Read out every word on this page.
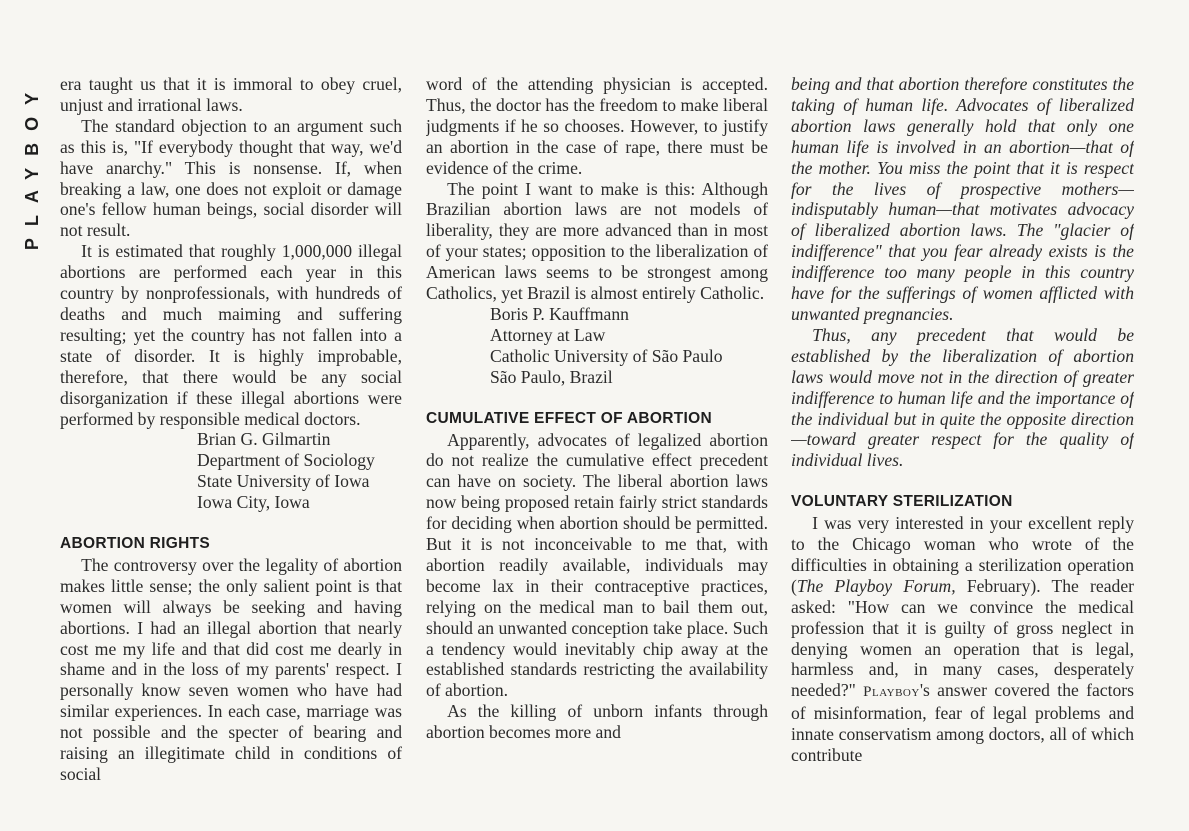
PLAYBOY era taught us that it is immoral to obey cruel, unjust and irrational laws.

The standard objection to an argument such as this is, "If everybody thought that way, we'd have anarchy." This is nonsense. If, when breaking a law, one does not exploit or damage one's fellow human beings, social disorder will not result.

It is estimated that roughly 1,000,000 illegal abortions are performed each year in this country by nonprofessionals, with hundreds of deaths and much maiming and suffering resulting; yet the country has not fallen into a state of disorder. It is highly improbable, therefore, that there would be any social disorganization if these illegal abortions were performed by responsible medical doctors.

Brian G. Gilmartin
Department of Sociology
State University of Iowa
Iowa City, Iowa
ABORTION RIGHTS

The controversy over the legality of abortion makes little sense; the only salient point is that women will always be seeking and having abortions. I had an illegal abortion that nearly cost me my life and that did cost me dearly in shame and in the loss of my parents' respect. I personally know seven women who have had similar experiences. In each case, marriage was not possible and the specter of bearing and raising an illegitimate child in conditions of social

word of the attending physician is accepted. Thus, the doctor has the freedom to make liberal judgments if he so chooses. However, to justify an abortion in the case of rape, there must be evidence of the crime.

The point I want to make is this: Although Brazilian abortion laws are not models of liberality, they are more advanced than in most of your states; opposition to the liberalization of American laws seems to be strongest among Catholics, yet Brazil is almost entirely Catholic.

Boris P. Kauffmann
Attorney at Law
Catholic University of São Paulo
São Paulo, Brazil
CUMULATIVE EFFECT OF ABORTION

Apparently, advocates of legalized abortion do not realize the cumulative effect precedent can have on society. The liberal abortion laws now being proposed retain fairly strict standards for deciding when abortion should be permitted. But it is not inconceivable to me that, with abortion readily available, individuals may become lax in their contraceptive practices, relying on the medical man to bail them out, should an unwanted conception take place. Such a tendency would inevitably chip away at the established standards restricting the availability of abortion.

As the killing of unborn infants through abortion becomes more and

being and that abortion therefore constitutes the taking of human life. Advocates of liberalized abortion laws generally hold that only one human life is involved in an abortion—that of the mother. You miss the point that it is respect for the lives of prospective mothers—indisputably human—that motivates advocacy of liberalized abortion laws. The "glacier of indifference" that you fear already exists is the indifference too many people in this country have for the sufferings of women afflicted with unwanted pregnancies.

Thus, any precedent that would be established by the liberalization of abortion laws would move not in the direction of greater indifference to human life and the importance of the individual but in quite the opposite direction—toward greater respect for the quality of individual lives.

VOLUNTARY STERILIZATION

I was very interested in your excellent reply to the Chicago woman who wrote of the difficulties in obtaining a sterilization operation (The Playboy Forum, February). The reader asked: "How can we convince the medical profession that it is guilty of gross neglect in denying women an operation that is legal, harmless and, in many cases, desperately needed?" Playboy's answer covered the factors of misinformation, fear of legal problems and innate conservatism among doctors, all of which contribute
